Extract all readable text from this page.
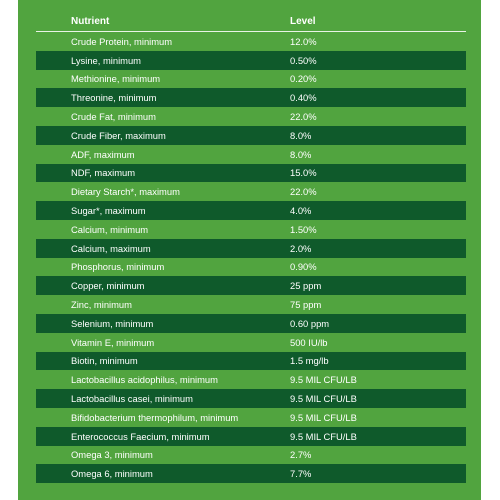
Nutrient	Level
Crude Protein, minimum	12.0%
Lysine, minimum	0.50%
Methionine, minimum	0.20%
Threonine, minimum	0.40%
Crude Fat, minimum	22.0%
Crude Fiber, maximum	8.0%
ADF, maximum	8.0%
NDF, maximum	15.0%
Dietary Starch*, maximum	22.0%
Sugar*, maximum	4.0%
Calcium, minimum	1.50%
Calcium, maximum	2.0%
Phosphorus, minimum	0.90%
Copper, minimum	25 ppm
Zinc, minimum	75 ppm
Selenium, minimum	0.60 ppm
Vitamin E, minimum	500 IU/lb
Biotin, minimum	1.5 mg/lb
Lactobacillus acidophilus, minimum	9.5 MIL CFU/LB
Lactobacillus casei, minimum	9.5 MIL CFU/LB
Bifidobacterium thermophilum, minimum	9.5 MIL CFU/LB
Enterococcus Faecium, minimum	9.5 MIL CFU/LB
Omega 3, minimum	2.7%
Omega 6, minimum	7.7%
